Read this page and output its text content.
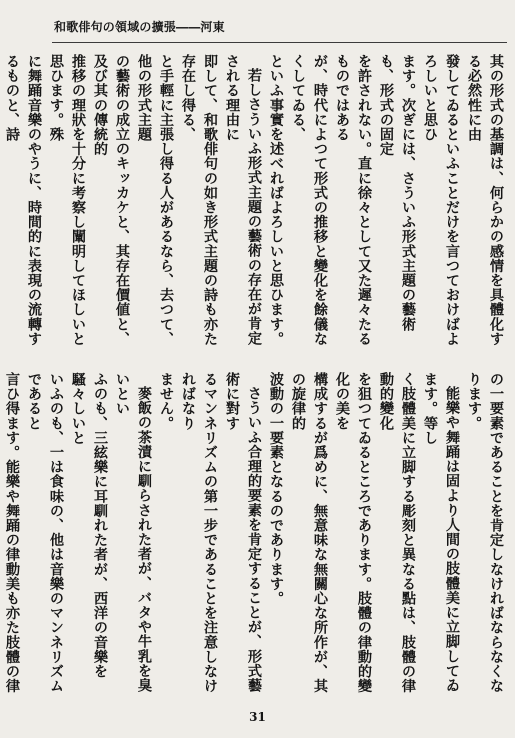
和歌俳句の領域の擴張――河東

其の形式の基調は、何らかの感情を具體化する必然性に由

發してゐるといふことだけを言つておけばよろしいと思ひ

ます。次ぎには、さういふ形式主題の藝術も、形式の固定

を許されない。直に徐々として又た遲々たるものではある

が、時代によつて形式の推移と變化を餘儀なくしてゐる、

といふ事實を述べればよろしいと思ひます。

若しさういふ形式主題の藝術の存在が肯定される理由に

即して、和歌俳句の如き形式主題の詩も亦た存在し得る、

と手輕に主張し得る人があるなら、去つて、他の形式主題

の藝術の成立のキッカケと、其存在價値と、及び其の傳統的

推移の理狀を十分に考察し闡明してほしいと思ひます。殊

に舞踊音樂のやうに、時間的に表現の流轉するものと、詩

の一要素であることを肯定しなければならなくなります。

能樂や舞踊は固より人間の肢體美に立脚してゐます。等し

く肢體美に立脚する彫刻と異なる點は、肢體の律動的變化

を狙つてゐるところであります。肢體の律動的變化の美を

構成するが爲めに、無意味な無關心な所作が、其の旋律的

波動の一要素となるのであります。

さういふ合理的要素を肯定することが、形式藝術に對す

るマンネリズムの第一步であることを注意しなければなり

ません。

麥飯の茶漬に馴らされた者が、バタや牛乳を臭いとい

ふのも、三絃樂に耳馴れた者が、西洋の音樂を騷々しいと

いふのも、一は食味の、他は音樂のマンネリズムであると

言ひ得ます。能樂や舞踊の律動美も亦た肢體の律

31
